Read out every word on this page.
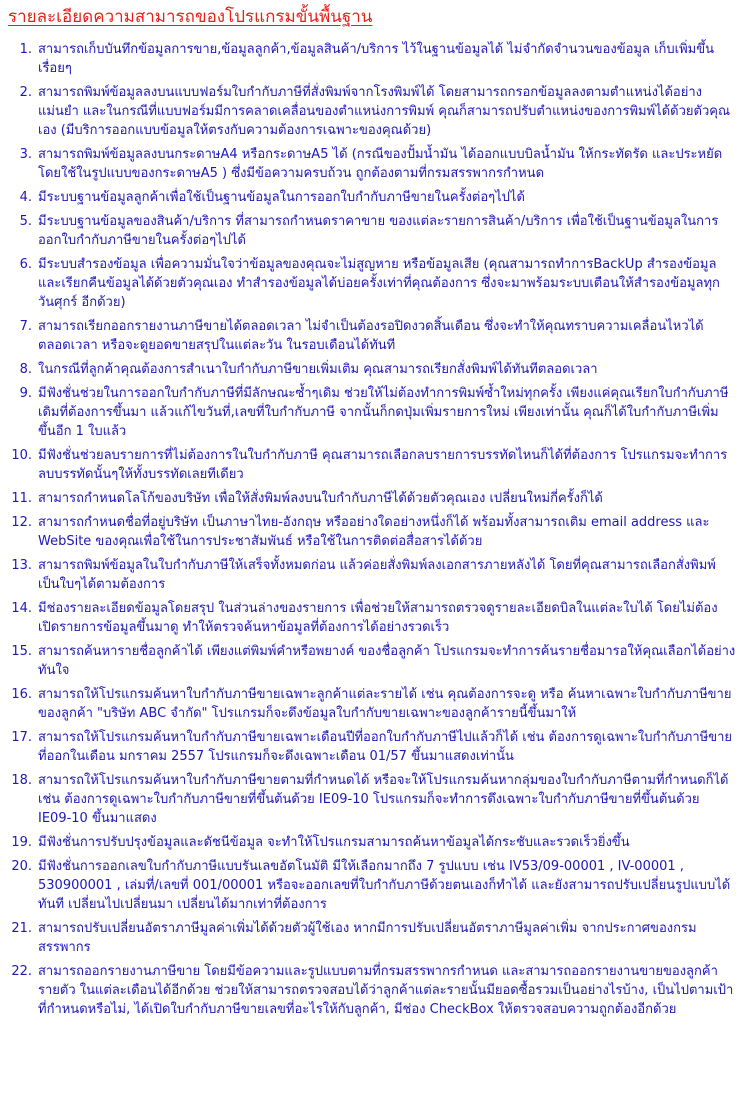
รายละเอียดความสามารถของโปรแกรมขั้นพื้นฐาน
1. สามารถเก็บบันทึกข้อมูลการขาย,ข้อมูลลูกค้า,ข้อมูลสินค้า/บริการ ไว้ในฐานข้อมูลได้ ไม่จำกัดจำนวนของข้อมูล เก็บเพิ่มขึ้นเรื่อยๆ
2. สามารถพิมพ์ข้อมูลลงบนแบบฟอร์มใบกำกับภาษีที่สั่งพิมพ์จากโรงพิมพ์ได้ โดยสามารถกรอกข้อมูลลงตามตำแหน่งได้อย่างแม่นยำ และในกรณีที่แบบฟอร์มมีการคลาดเคลื่อนของตำแหน่งการพิมพ์ คุณก็สามารถปรับตำแหน่งของการพิมพ์ได้ด้วยตัวคุณเอง (มีบริการออกแบบข้อมูลให้ตรงกับความต้องการเฉพาะของคุณด้วย)
3. สามารถพิมพ์ข้อมูลลงบนกระดาษA4 หรือกระดาษA5 ได้ (กรณีของปั้มน้ำมัน ได้ออกแบบบิลน้ำมัน ให้กระทัดรัด และประหยัด โดยใช้ในรูปแบบของกระดาษA5 ) ซึ่งมีข้อความครบถ้วน ถูกต้องตามที่กรมสรรพากรกำหนด
4. มีระบบฐานข้อมูลลูกค้าเพื่อใช้เป็นฐานข้อมูลในการออกใบกำกับภาษีขายในครั้งต่อๆไปได้
5. มีระบบฐานข้อมูลของสินค้า/บริการ ที่สามารถกำหนดราคาขาย ของแต่ละรายการสินค้า/บริการ เพื่อใช้เป็นฐานข้อมูลในการออกใบกำกับภาษีขายในครั้งต่อๆไปได้
6. มีระบบสำรองข้อมูล เพื่อความมั่นใจว่าข้อมูลของคุณจะไม่สูญหาย หรือข้อมูลเสีย (คุณสามารถทำการBackUp สำรองข้อมูลและเรียกคืนข้อมูลได้ด้วยตัวคุณเอง ทำสำรองข้อมูลได้บ่อยครั้งเท่าที่คุณต้องการ ซึ่งจะมาพร้อมระบบเตือนให้สำรองข้อมูลทุกวันศุกร์ อีกด้วย)
7. สามารถเรียกออกรายงานภาษีขายได้ตลอดเวลา ไม่จำเป็นต้องรอปิดงวดสิ้นเดือน ซึ่งจะทำให้คุณทราบความเคลื่อนไหวได้ตลอดเวลา หรือจะดูยอดขายสรุปในแต่ละวัน ในรอบเดือนได้ทันที
8. ในกรณีที่ลูกค้าคุณต้องการสำเนาใบกำกับภาษีขายเพิ่มเติม คุณสามารถเรียกสั่งพิมพ์ได้ทันทีตลอดเวลา
9. มีฟังชั่นช่วยในการออกใบกำกับภาษีที่มีลักษณะซ้ำๆเดิม ช่วยให้ไม่ต้องทำการพิมพ์ซ้ำใหม่ทุกครั้ง เพียงแค่คุณเรียกใบกำกับภาษีเดิมที่ต้องการขึ้นมา แล้วแก้ไขวันที่,เลขที่ใบกำกับภาษี จากนั้นก็กดปุ่มเพิ่มรายการใหม่ เพียงเท่านั้น คุณก็ได้ใบกำกับภาษีเพิ่มขึ้นอีก 1 ใบแล้ว
10. มีฟังชั่นช่วยลบรายการที่ไม่ต้องการในใบกำกับภาษี คุณสามารถเลือกลบรายการบรรทัดไหนก็ได้ที่ต้องการ โปรแกรมจะทำการลบบรรทัดนั้นๆให้ทั้งบรรทัดเลยทีเดียว
11. สามารถกำหนดโลโก้ของบริษัท เพื่อให้สั่งพิมพ์ลงบนใบกำกับภาษีได้ด้วยตัวคุณเอง เปลี่ยนใหม่กี่ครั้งก็ได้
12. สามารถกำหนดชื่อที่อยู่บริษัท เป็นภาษาไทย-อังกฤษ หรืออย่างใดอย่างหนึ่งก็ได้ พร้อมทั้งสามารถเติม email address และ WebSite ของคุณเพื่อใช้ในการประชาสัมพันธ์ หรือใช้ในการติดต่อสื่อสารได้ด้วย
13. สามารถพิมพ์ข้อมูลในใบกำกับภาษีให้เสร็จทั้งหมดก่อน แล้วค่อยสั่งพิมพ์ลงเอกสารภายหลังได้ โดยที่คุณสามารถเลือกสั่งพิมพ์เป็นใบๆได้ตามต้องการ
14. มีช่องรายละเอียดข้อมูลโดยสรุป ในส่วนล่างของรายการ เพื่อช่วยให้สามารถตรวจดูรายละเอียดบิลในแต่ละใบได้ โดยไม่ต้องเปิดรายการข้อมูลขึ้นมาดู ทำให้ตรวจค้นหาข้อมูลที่ต้องการได้อย่างรวดเร็ว
15. สามารถค้นหารายชื่อลูกค้าได้ เพียงแต่พิมพ์คำหรือพยางค์ ของชื่อลูกค้า โปรแกรมจะทำการค้นรายชื่อมารอให้คุณเลือกได้อย่างทันใจ
16. สามารถให้โปรแกรมค้นหาใบกำกับภาษีขายเฉพาะลูกค้าแต่ละรายได้ เช่น คุณต้องการจะดู หรือ ค้นหาเฉพาะใบกำกับภาษีขายของลูกค้า "บริษัท ABC จำกัด" โปรแกรมก็จะดึงข้อมูลใบกำกับขายเฉพาะของลูกค้ารายนี้ขึ้นมาให้
17. สามารถให้โปรแกรมค้นหาใบกำกับภาษีขายเฉพาะเดือนปีที่ออกใบกำกับภาษีไปแล้วก็ได้ เช่น ต้องการดูเฉพาะใบกำกับภาษีขาย ที่ออกในเดือน มกราคม 2557 โปรแกรมก็จะดึงเฉพาะเดือน 01/57 ขึ้นมาแสดงเท่านั้น
18. สามารถให้โปรแกรมค้นหาใบกำกับภาษีขายตามที่กำหนดได้ หรือจะให้โปรแกรมค้นหากลุ่มของใบกำกับภาษีตามที่กำหนดก็ได้ เช่น ต้องการดูเฉพาะใบกำกับภาษีขายที่ขึ้นต้นด้วย IE09-10 โปรแกรมก็จะทำการดึงเฉพาะใบกำกับภาษีขายที่ขึ้นต้นด้วย IE09-10 ขึ้นมาแสดง
19. มีฟังชั่นการปรับปรุงข้อมูลและดัชนีข้อมูล จะทำให้โปรแกรมสามารถค้นหาข้อมูลได้กระชับและรวดเร็วยิ่งขึ้น
20. มีฟังชั่นการออกเลขใบกำกับภาษีแบบรันเลขอัตโนมัติ มีให้เลือกมากถึง 7 รูปแบบ เช่น IV53/09-00001 , IV-00001 , 530900001 , เล่มที่/เลขที่ 001/00001 หรือจะออกเลขที่ใบกำกับภาษีด้วยตนเองก็ทำได้ และยังสามารถปรับเปลี่ยนรูปแบบได้ทันที เปลี่ยนไปเปลี่ยนมา เปลี่ยนได้มากเท่าที่ต้องการ
21. สามารถปรับเปลี่ยนอัตราภาษีมูลค่าเพิ่มได้ด้วยตัวผู้ใช้เอง หากมีการปรับเปลี่ยนอัตราภาษีมูลค่าเพิ่ม จากประกาศของกรมสรรพากร
22. สามารถออกรายงานภาษีขาย โดยมีข้อความและรูปแบบตามที่กรมสรรพากรกำหนด และสามารถออกรายงานขายของลูกค้ารายตัว ในแต่ละเดือนได้อีกด้วย ช่วยให้สามารถตรวจสอบได้ว่าลูกค้าแต่ละรายนั้นมียอดซื้อรวมเป็นอย่างไรบ้าง, เป็นไปตามเป้าที่กำหนดหรือไม่, ได้เปิดใบกำกับภาษีขายเลขที่อะไรให้กับลูกค้า, มีช่อง CheckBox ให้ตรวจสอบความถูกต้องอีกด้วย
